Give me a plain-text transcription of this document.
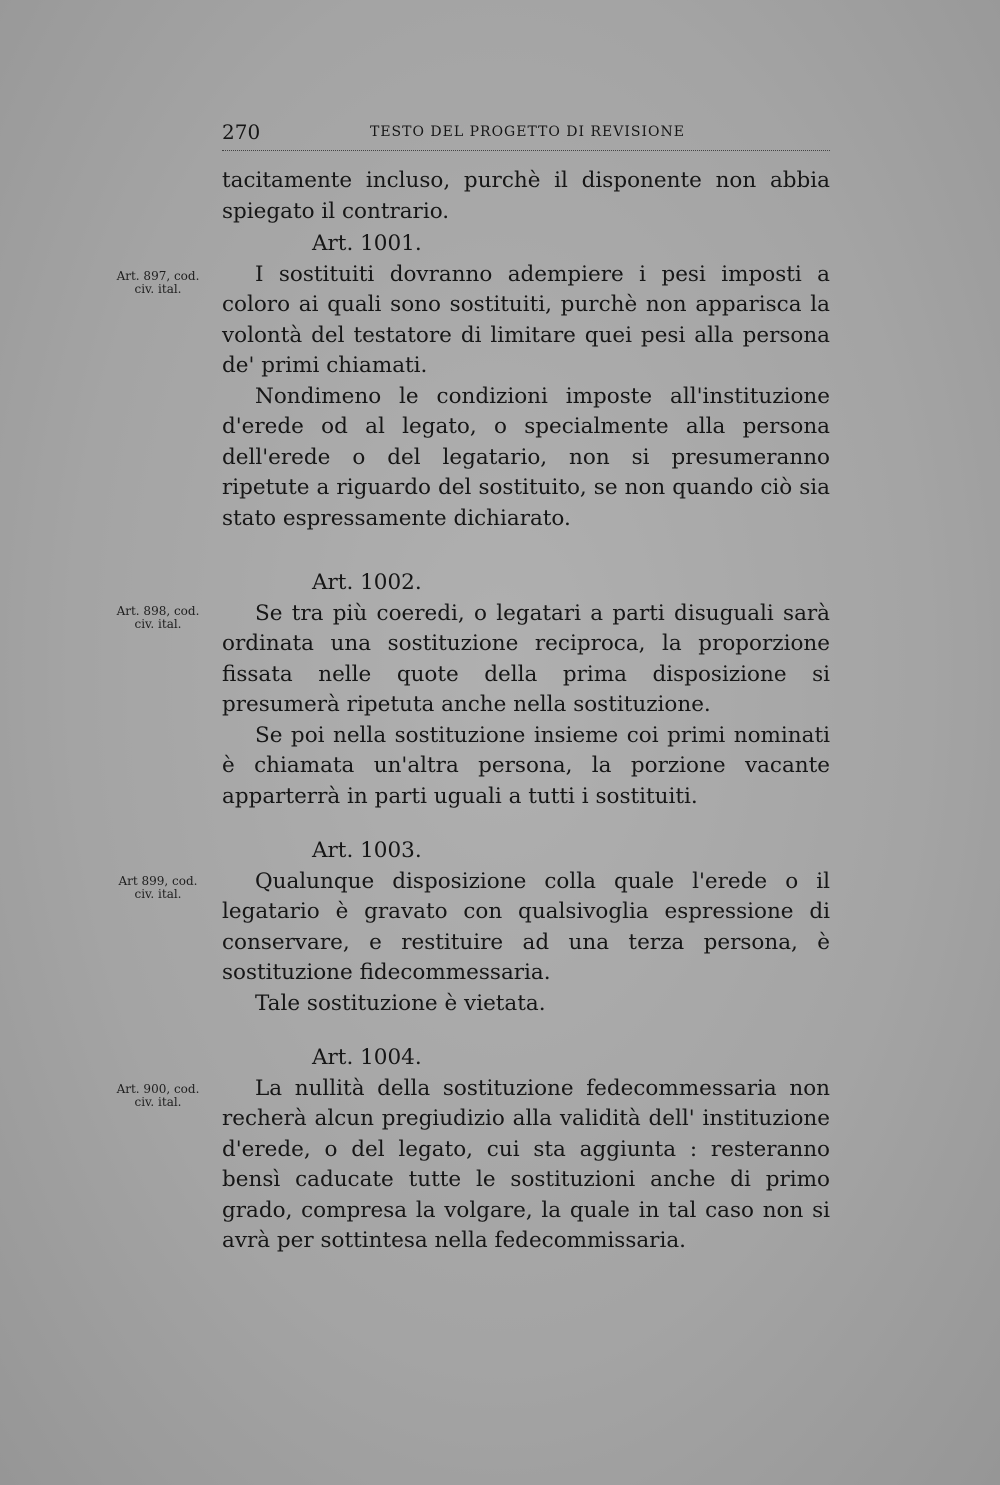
270	TESTO DEL PROGETTO DI REVISIONE
Art. 897, cod. civ. ital.
Art. 898, cod. civ. ital.
Art 899, cod. civ. ital.
Art. 900, cod. civ. ital.

tacitamente incluso, purchè il disponente non abbia spiegato il contrario.

Art. 1001.

I sostituiti dovranno adempiere i pesi imposti a coloro ai quali sono sostituiti, purchè non apparisca la volontà del testatore di limitare quei pesi alla persona de' primi chiamati.

Nondimeno le condizioni imposte all'instituzione d'erede od al legato, o specialmente alla persona dell'erede o del legatario, non si presumeranno ripetute a riguardo del sostituito, se non quando ciò sia stato espressamente dichiarato.

Art. 1002.

Se tra più coeredi, o legatari a parti disuguali sarà ordinata una sostituzione reciproca, la proporzione fissata nelle quote della prima disposizione si presumerà ripetuta anche nella sostituzione.

Se poi nella sostituzione insieme coi primi nominati è chiamata un'altra persona, la porzione vacante apparterrà in parti uguali a tutti i sostituiti.

Art. 1003.

Qualunque disposizione colla quale l'erede o il legatario è gravato con qualsivoglia espressione di conservare, e restituire ad una terza persona, è sostituzione fidecommessaria.

Tale sostituzione è vietata.

Art. 1004.

La nullità della sostituzione fedecommessaria non recherà alcun pregiudizio alla validità dell' instituzione d'erede, o del legato, cui sta aggiunta : resteranno bensì caducate tutte le sostituzioni anche di primo grado, compresa la volgare, la quale in tal caso non si avrà per sottintesa nella fedecommissaria.
